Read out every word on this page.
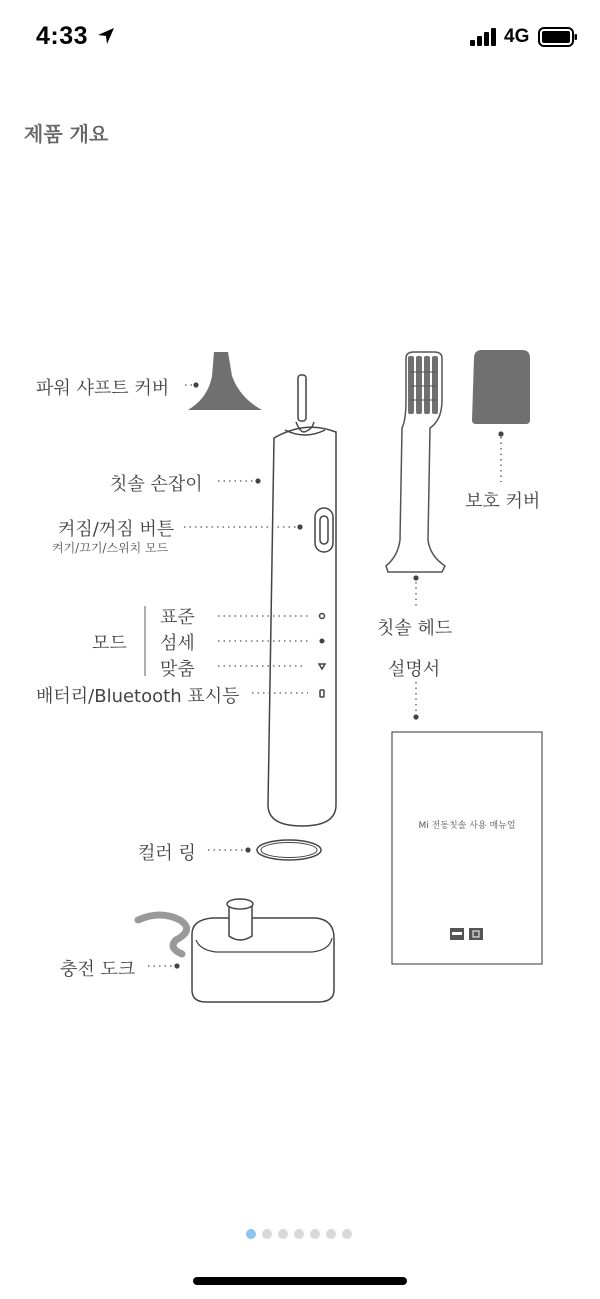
4:33	4G
제품 개요
파워 샤프트 커버
칫솔 손잡이
켜짐/꺼짐 버튼
켜기/끄기/스위치 모드
모드
표준
섬세
맞춤
배터리/Bluetooth 표시등
컬러 링
충전 도크
칫솔 헤드
보호 커버
설명서
Mi 전동칫솔 사용 매뉴얼
